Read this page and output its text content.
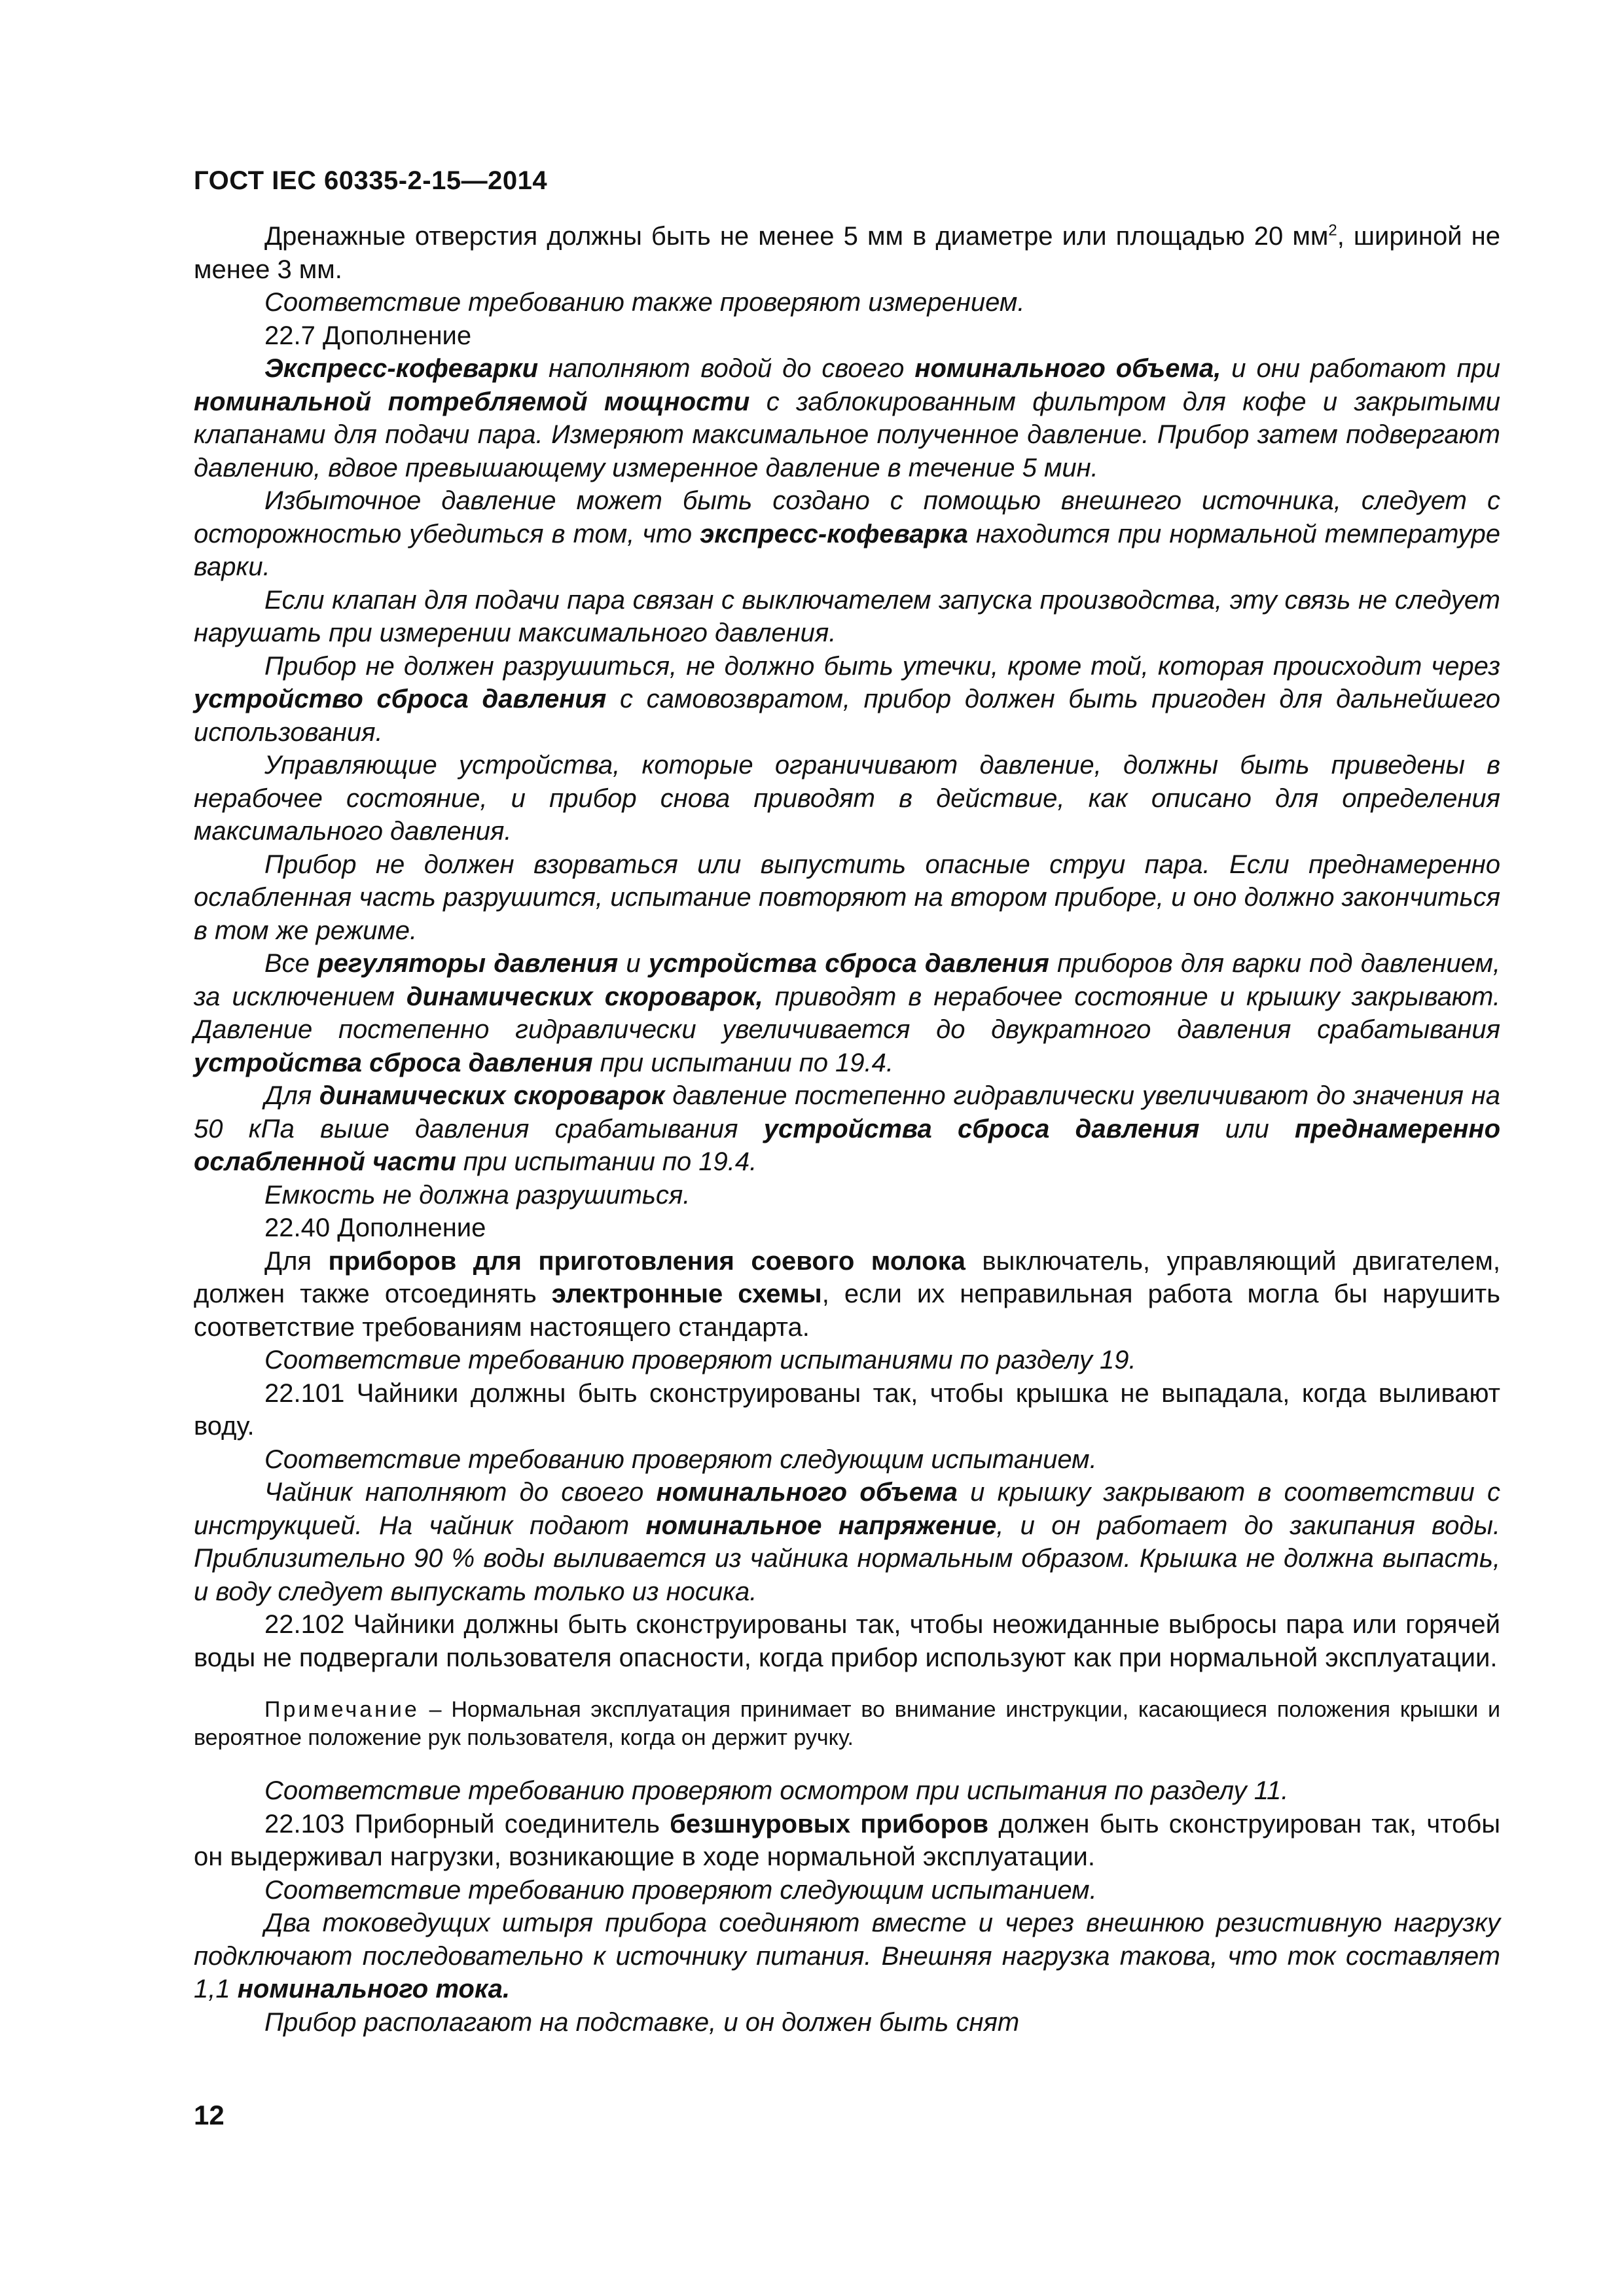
ГОСТ IEC 60335-2-15—2014

Дренажные отверстия должны быть не менее 5 мм в диаметре или площадью 20 $мм^2$, шириной не менее 3 мм.

Соответствие требованию также проверяют измерением.

22.7 Дополнение

Экспресс-кофеварки наполняют водой до своего номинального объема, и они работают при номинальной потребляемой мощности с заблокированным фильтром для кофе и закрытыми клапанами для подачи пара. Измеряют максимальное полученное давление. Прибор затем подвергают давлению, вдвое превышающему измеренное давление в течение 5 мин.

Избыточное давление может быть создано с помощью внешнего источника, следует с осторожностью убедиться в том, что экспресс-кофеварка находится при нормальной температуре варки.

Если клапан для подачи пара связан с выключателем запуска производства, эту связь не следует нарушать при измерении максимального давления.

Прибор не должен разрушиться, не должно быть утечки, кроме той, которая происходит через устройство сброса давления с самовозвратом, прибор должен быть пригоден для дальнейшего использования.

Управляющие устройства, которые ограничивают давление, должны быть приведены в нерабочее состояние, и прибор снова приводят в действие, как описано для определения максимального давления.

Прибор не должен взорваться или выпустить опасные струи пара. Если преднамеренно ослабленная часть разрушится, испытание повторяют на втором приборе, и оно должно закончиться в том же режиме.

Все регуляторы давления и устройства сброса давления приборов для варки под давлением, за исключением динамических скороварок, приводят в нерабочее состояние и крышку закрывают. Давление постепенно гидравлически увеличивается до двукратного давления срабатывания устройства сброса давления при испытании по 19.4.

Для динамических скороварок давление постепенно гидравлически увеличивают до значения на 50 кПа выше давления срабатывания устройства сброса давления или преднамеренно ослабленной части при испытании по 19.4.

Емкость не должна разрушиться.

22.40 Дополнение

Для приборов для приготовления соевого молока выключатель, управляющий двигателем, должен также отсоединять электронные схемы, если их неправильная работа могла бы нарушить соответствие требованиям настоящего стандарта.

Соответствие требованию проверяют испытаниями по разделу 19.

22.101 Чайники должны быть сконструированы так, чтобы крышка не выпадала, когда выливают воду.

Соответствие требованию проверяют следующим испытанием.

Чайник наполняют до своего номинального объема и крышку закрывают в соответствии с инструкцией. На чайник подают номинальное напряжение, и он работает до закипания воды. Приблизительно 90 % воды выливается из чайника нормальным образом. Крышка не должна выпасть, и воду следует выпускать только из носика.

22.102 Чайники должны быть сконструированы так, чтобы неожиданные выбросы пара или горячей воды не подвергали пользователя опасности, когда прибор используют как при нормальной эксплуатации.

Примечание – Нормальная эксплуатация принимает во внимание инструкции, касающиеся положения крышки и вероятное положение рук пользователя, когда он держит ручку.

Соответствие требованию проверяют осмотром при испытания по разделу 11.

22.103 Приборный соединитель безшнуровых приборов должен быть сконструирован так, чтобы он выдерживал нагрузки, возникающие в ходе нормальной эксплуатации.

Соответствие требованию проверяют следующим испытанием.

Два токоведущих штыря прибора соединяют вместе и через внешнюю резистивную нагрузку подключают последовательно к источнику питания. Внешняя нагрузка такова, что ток составляет 1,1 номинального тока.

Прибор располагают на подставке, и он должен быть снят

12
